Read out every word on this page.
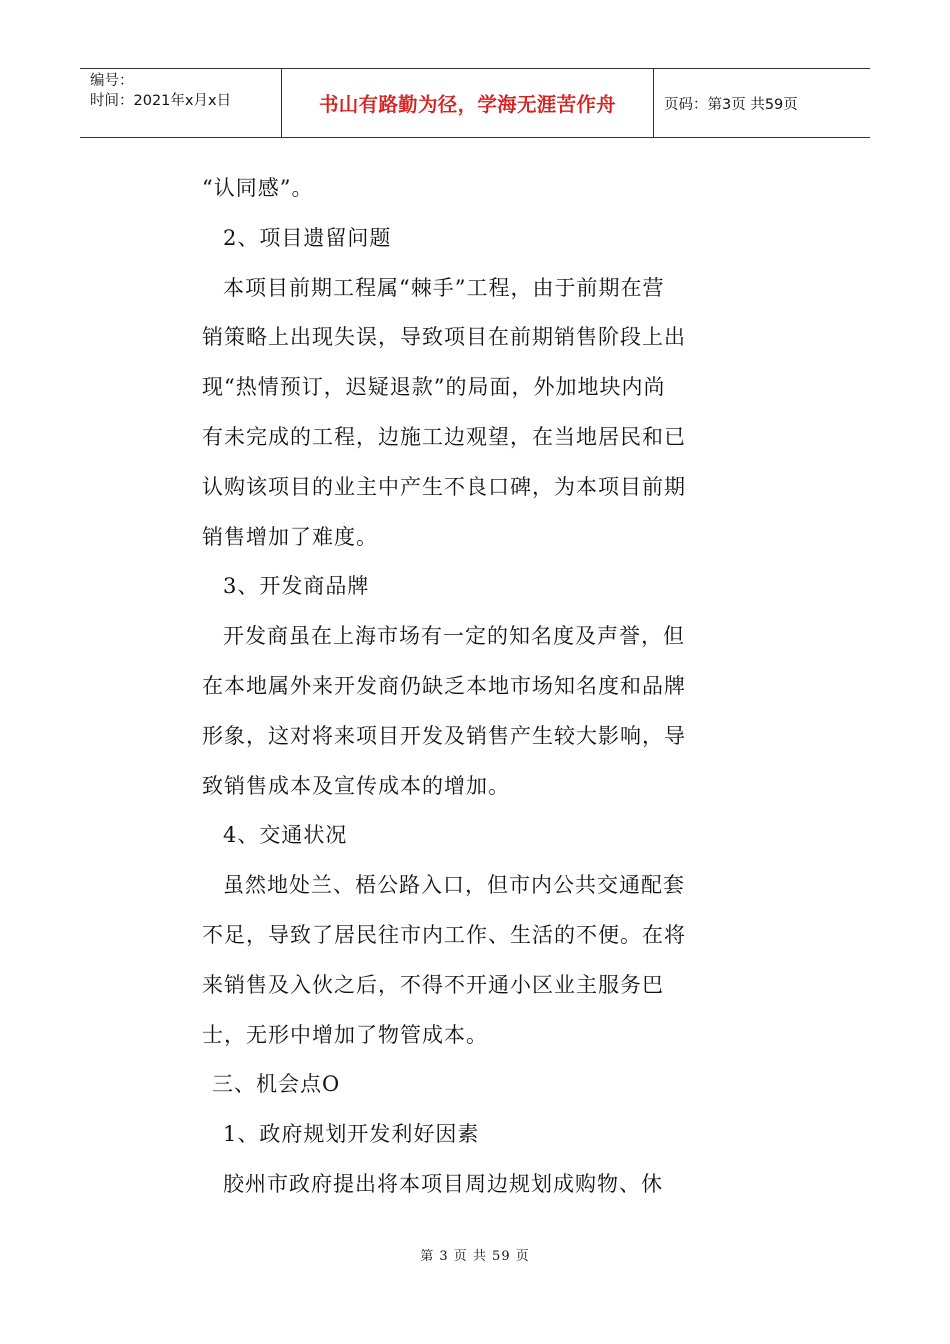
编号：
时间：2021年x月x日	书山有路勤为径，学海无涯苦作舟	页码：第3页 共59页

“认同感”。

2、项目遗留问题

本项目前期工程属“棘手”工程，由于前期在营

销策略上出现失误，导致项目在前期销售阶段上出

现“热情预订，迟疑退款”的局面，外加地块内尚

有未完成的工程，边施工边观望，在当地居民和已

认购该项目的业主中产生不良口碑，为本项目前期

销售增加了难度。

3、开发商品牌

开发商虽在上海市场有一定的知名度及声誉，但

在本地属外来开发商仍缺乏本地市场知名度和品牌

形象，这对将来项目开发及销售产生较大影响，导

致销售成本及宣传成本的增加。

4、交通状况

虽然地处兰、梧公路入口，但市内公共交通配套

不足，导致了居民往市内工作、生活的不便。在将

来销售及入伙之后，不得不开通小区业主服务巴

士，无形中增加了物管成本。

三、机会点O

1、政府规划开发利好因素

胶州市政府提出将本项目周边规划成购物、休

第 3 页 共 59 页
